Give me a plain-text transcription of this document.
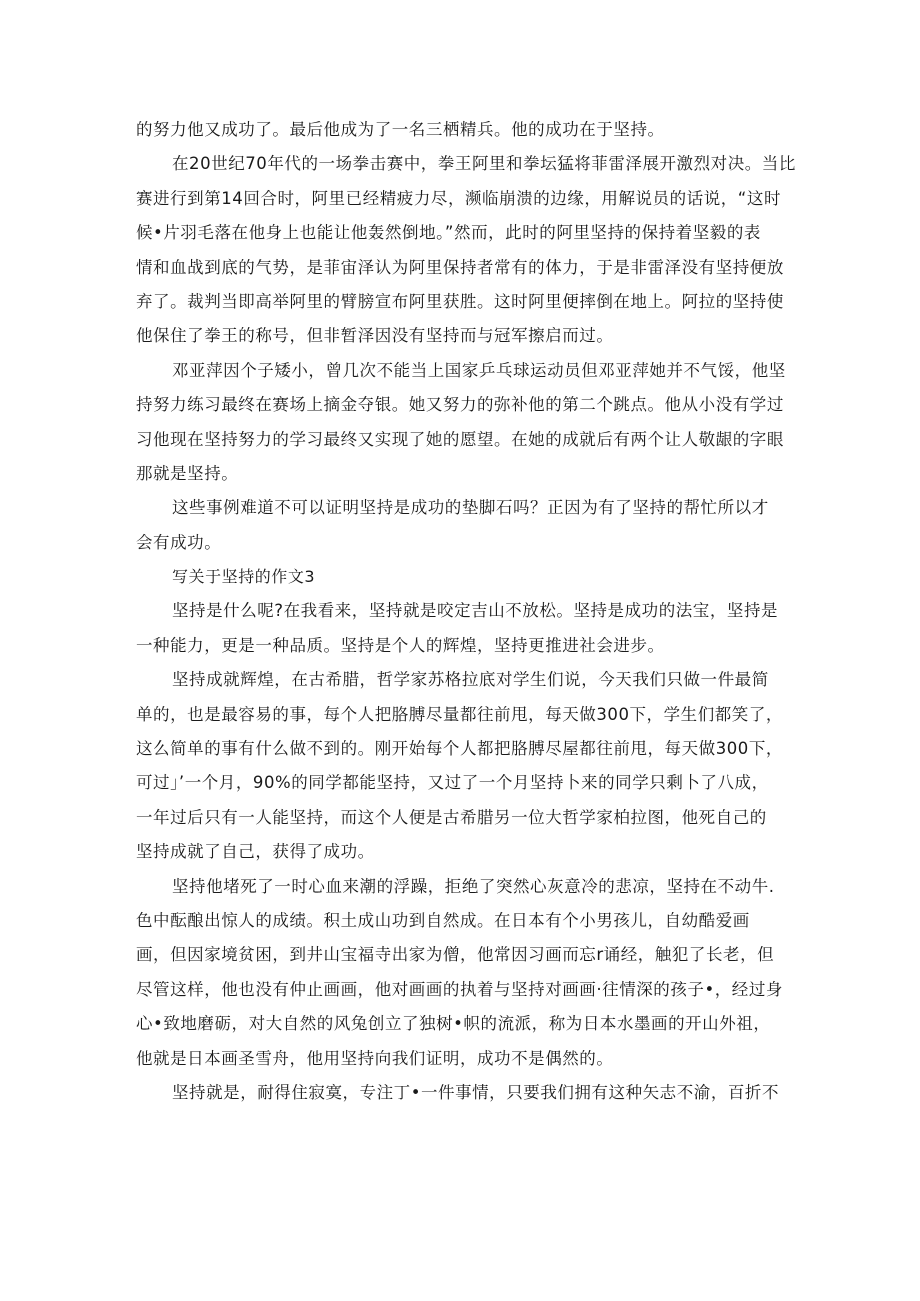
的努力他又成功了。最后他成为了一名三栖精兵。他的成功在于坚持。
在20世纪70年代的一场拳击赛中，拳王阿里和拳坛猛将菲雷泽展开激烈对决。当比
赛进行到第14回合时，阿里已经精疲力尽，濒临崩溃的边缘，用解说员的话说，“这时
候•片羽毛落在他身上也能让他轰然倒地。”然而，此时的阿里坚持的保持着坚毅的表
情和血战到底的气势，是菲宙泽认为阿里保持者常有的体力，于是非雷泽没有坚持便放
弃了。裁判当即高举阿里的臂膀宣布阿里获胜。这时阿里便摔倒在地上。阿拉的坚持使
他保住了拳王的称号，但非暂泽因没有坚持而与冠军擦启而过。
邓亚萍因个子矮小，曾几次不能当上国家乒乓球运动员但邓亚萍她并不气馁，他坚
持努力练习最终在赛场上摘金夺银。她又努力的弥补他的第二个跳点。他从小没有学过
习他现在坚持努力的学习最终又实现了她的愿望。在她的成就后有两个让人敬龈的字眼
那就是坚持。
这些事例难道不可以证明坚持是成功的垫脚石吗？正因为有了坚持的帮忙所以才
会有成功。
写关于坚持的作文3
坚持是什么呢?在我看来，坚持就是咬定吉山不放松。坚持是成功的法宝，坚持是
一种能力，更是一种品质。坚持是个人的辉煌，坚持更推进社会进步。
坚持成就辉煌，在古希腊，哲学家苏格拉底对学生们说，今天我们只做一件最简
单的，也是最容易的事，每个人把胳膊尽量都往前甩，每天做300下，学生们都笑了，
这么简单的事有什么做不到的。刚开始每个人都把胳膊尽屋都往前甩，每天做300下，
可过」’一个月，90%的同学都能坚持，又过了一个月坚持卜来的同学只剩卜了八成，
一年过后只有一人能坚持，而这个人便是古希腊另一位大哲学家柏拉图，他死自己的
坚持成就了自己，获得了成功。
坚持他堵死了一时心血来潮的浮躁，拒绝了突然心灰意冷的悲凉，坚持在不动牛.
色中酝酿出惊人的成绩。积土成山功到自然成。在日本有个小男孩儿，自幼酷爱画
画，但因家境贫困，到井山宝福寺出家为僧，他常因习画而忘r诵经，触犯了长老，但
尽管这样，他也没有仲止画画，他对画画的执着与坚持对画画·往情深的孩子•，经过身
心•致地磨砺，对大自然的风兔创立了独树•帜的流派，称为日本水墨画的开山外祖，
他就是日本画圣雪舟，他用坚持向我们证明，成功不是偶然的。
坚持就是，耐得住寂寞，专注丁•一件事情，只要我们拥有这种矢志不渝，百折不
